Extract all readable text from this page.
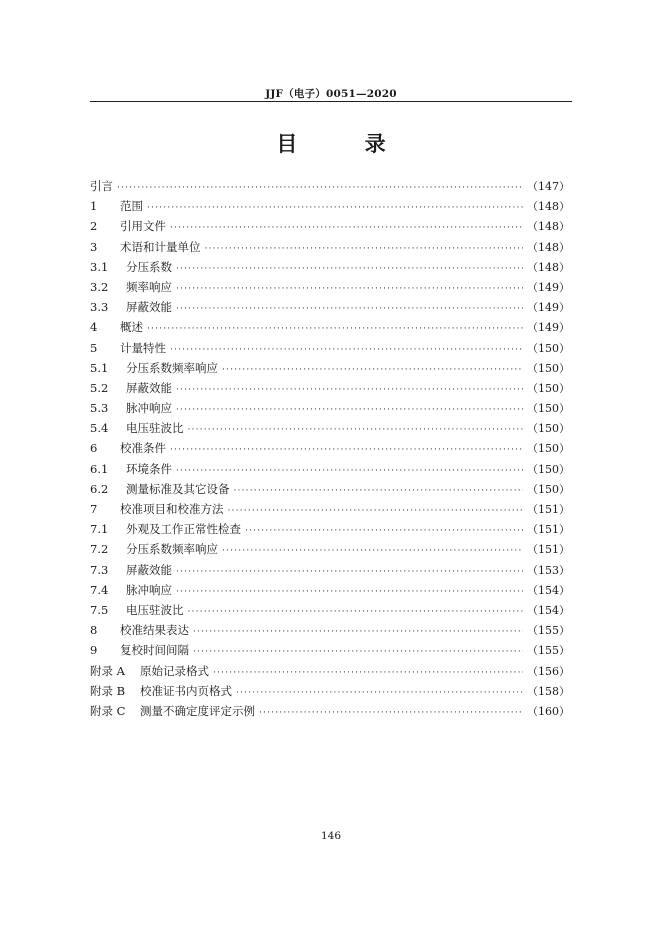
JJF（电子）0051—2020
目 录
引言 ·····	（147）
1	范围 ·····	（148）
2	引用文件 ·····	（148）
3	术语和计量单位 ·····	（148）
3.1	分压系数 ·····	（148）
3.2	频率响应 ·····	（149）
3.3	屏蔽效能 ·····	（149）
4	概述 ·····	（149）
5	计量特性 ·····	（150）
5.1	分压系数频率响应 ·····	（150）
5.2	屏蔽效能 ·····	（150）
5.3	脉冲响应 ·····	（150）
5.4	电压驻波比 ·····	（150）
6	校准条件 ·····	（150）
6.1	环境条件 ·····	（150）
6.2	测量标准及其它设备 ·····	（150）
7	校准项目和校准方法 ·····	（151）
7.1	外观及工作正常性检查 ·····	（151）
7.2	分压系数频率响应 ·····	（151）
7.3	屏蔽效能 ·····	（153）
7.4	脉冲响应 ·····	（154）
7.5	电压驻波比 ·····	（154）
8	校准结果表达 ·····	（155）
9	复校时间间隔 ·····	（155）
附录 A	原始记录格式 ·····	（156）
附录 B	校准证书内页格式 ·····	（158）
附录 C	测量不确定度评定示例 ·····	（160）
146
